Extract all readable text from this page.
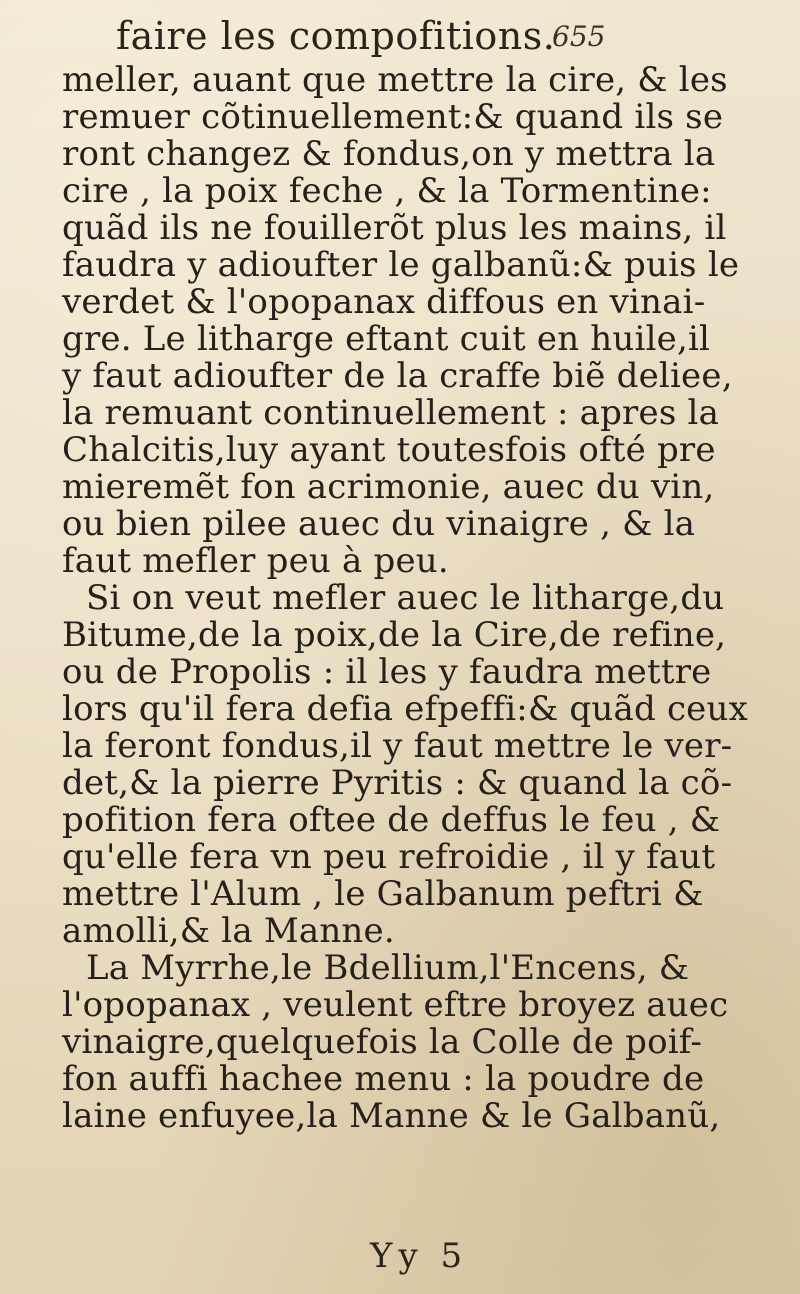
faire les compofitions.
655
meller, auant que mettre la cire, & les
remuer cõtinuellement:& quand ils se
ront changez & fondus,on y mettra la
cire , la poix feche , & la Tormentine:
quãd ils ne fouillerõt plus les mains, il
faudra y adioufter le galbanũ:& puis le
verdet & l'opopanax diffous en vinai-
gre. Le litharge eftant cuit en huile,il
y faut adioufter de la craffe biẽ deliee,
la remuant continuellement : apres la
Chalcitis,luy ayant toutesfois ofté pre
mieremẽt fon acrimonie, auec du vin,
ou bien pilee auec du vinaigre , & la
faut mefler peu à peu.
Si on veut mefler auec le litharge,du
Bitume,de la poix,de la Cire,de refine,
ou de Propolis : il les y faudra mettre
lors qu'il fera defia efpeffi:& quãd ceux
la feront fondus,il y faut mettre le ver-
det,& la pierre Pyritis : & quand la cõ-
pofition fera oftee de deffus le feu , &
qu'elle fera vn peu refroidie , il y faut
mettre l'Alum , le Galbanum peftri &
amolli,& la Manne.
La Myrrhe,le Bdellium,l'Encens, &
l'opopanax , veulent eftre broyez auec
vinaigre,quelquefois la Colle de poif-
fon auffi hachee menu : la poudre de
laine enfuyee,la Manne & le Galbanũ,
Yy 5
